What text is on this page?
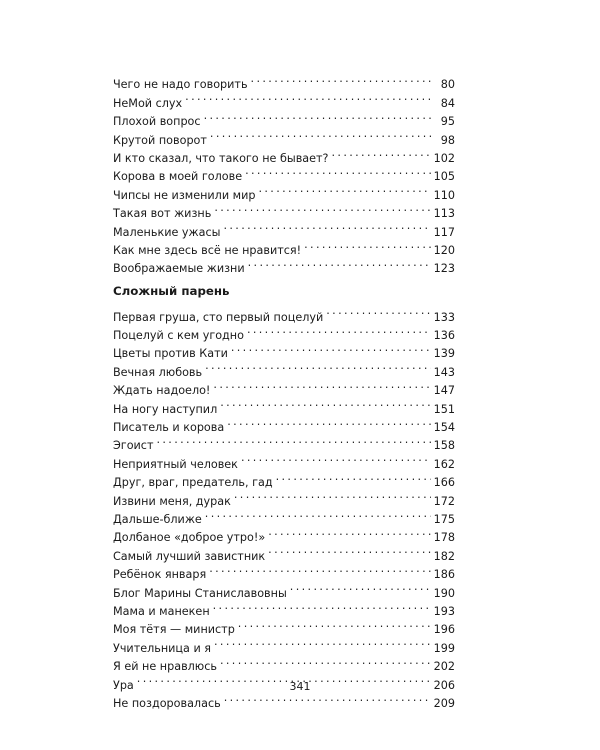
Чего не надо говорить . . .	80
НеМой слух . . .	84
Плохой вопрос . . .	95
Крутой поворот . . .	98
И кто сказал, что такого не бывает? . . .	102
Корова в моей голове . . .	105
Чипсы не изменили мир . . .	110
Такая вот жизнь . . .	113
Маленькие ужасы . . .	117
Как мне здесь всё не нравится! . . .	120
Воображаемые жизни . . .	123
Сложный парень
Первая груша, сто первый поцелуй . . .	133
Поцелуй с кем угодно . . .	136
Цветы против Кати . . .	139
Вечная любовь . . .	143
Ждать надоело! . . .	147
На ногу наступил . . .	151
Писатель и корова . . .	154
Эгоист . . .	158
Неприятный человек . . .	162
Друг, враг, предатель, гад . . .	166
Извини меня, дурак . . .	172
Дальше-ближе . . .	175
Долбаное «доброе утро!» . . .	178
Самый лучший завистник . . .	182
Ребёнок января . . .	186
Блог Марины Станиславовны . . .	190
Мама и манекен . . .	193
Моя тётя — министр . . .	196
Учительница и я . . .	199
Я ей не нравлюсь . . .	202
Ура . . .	206
Не поздоровалась . . .	209
341
